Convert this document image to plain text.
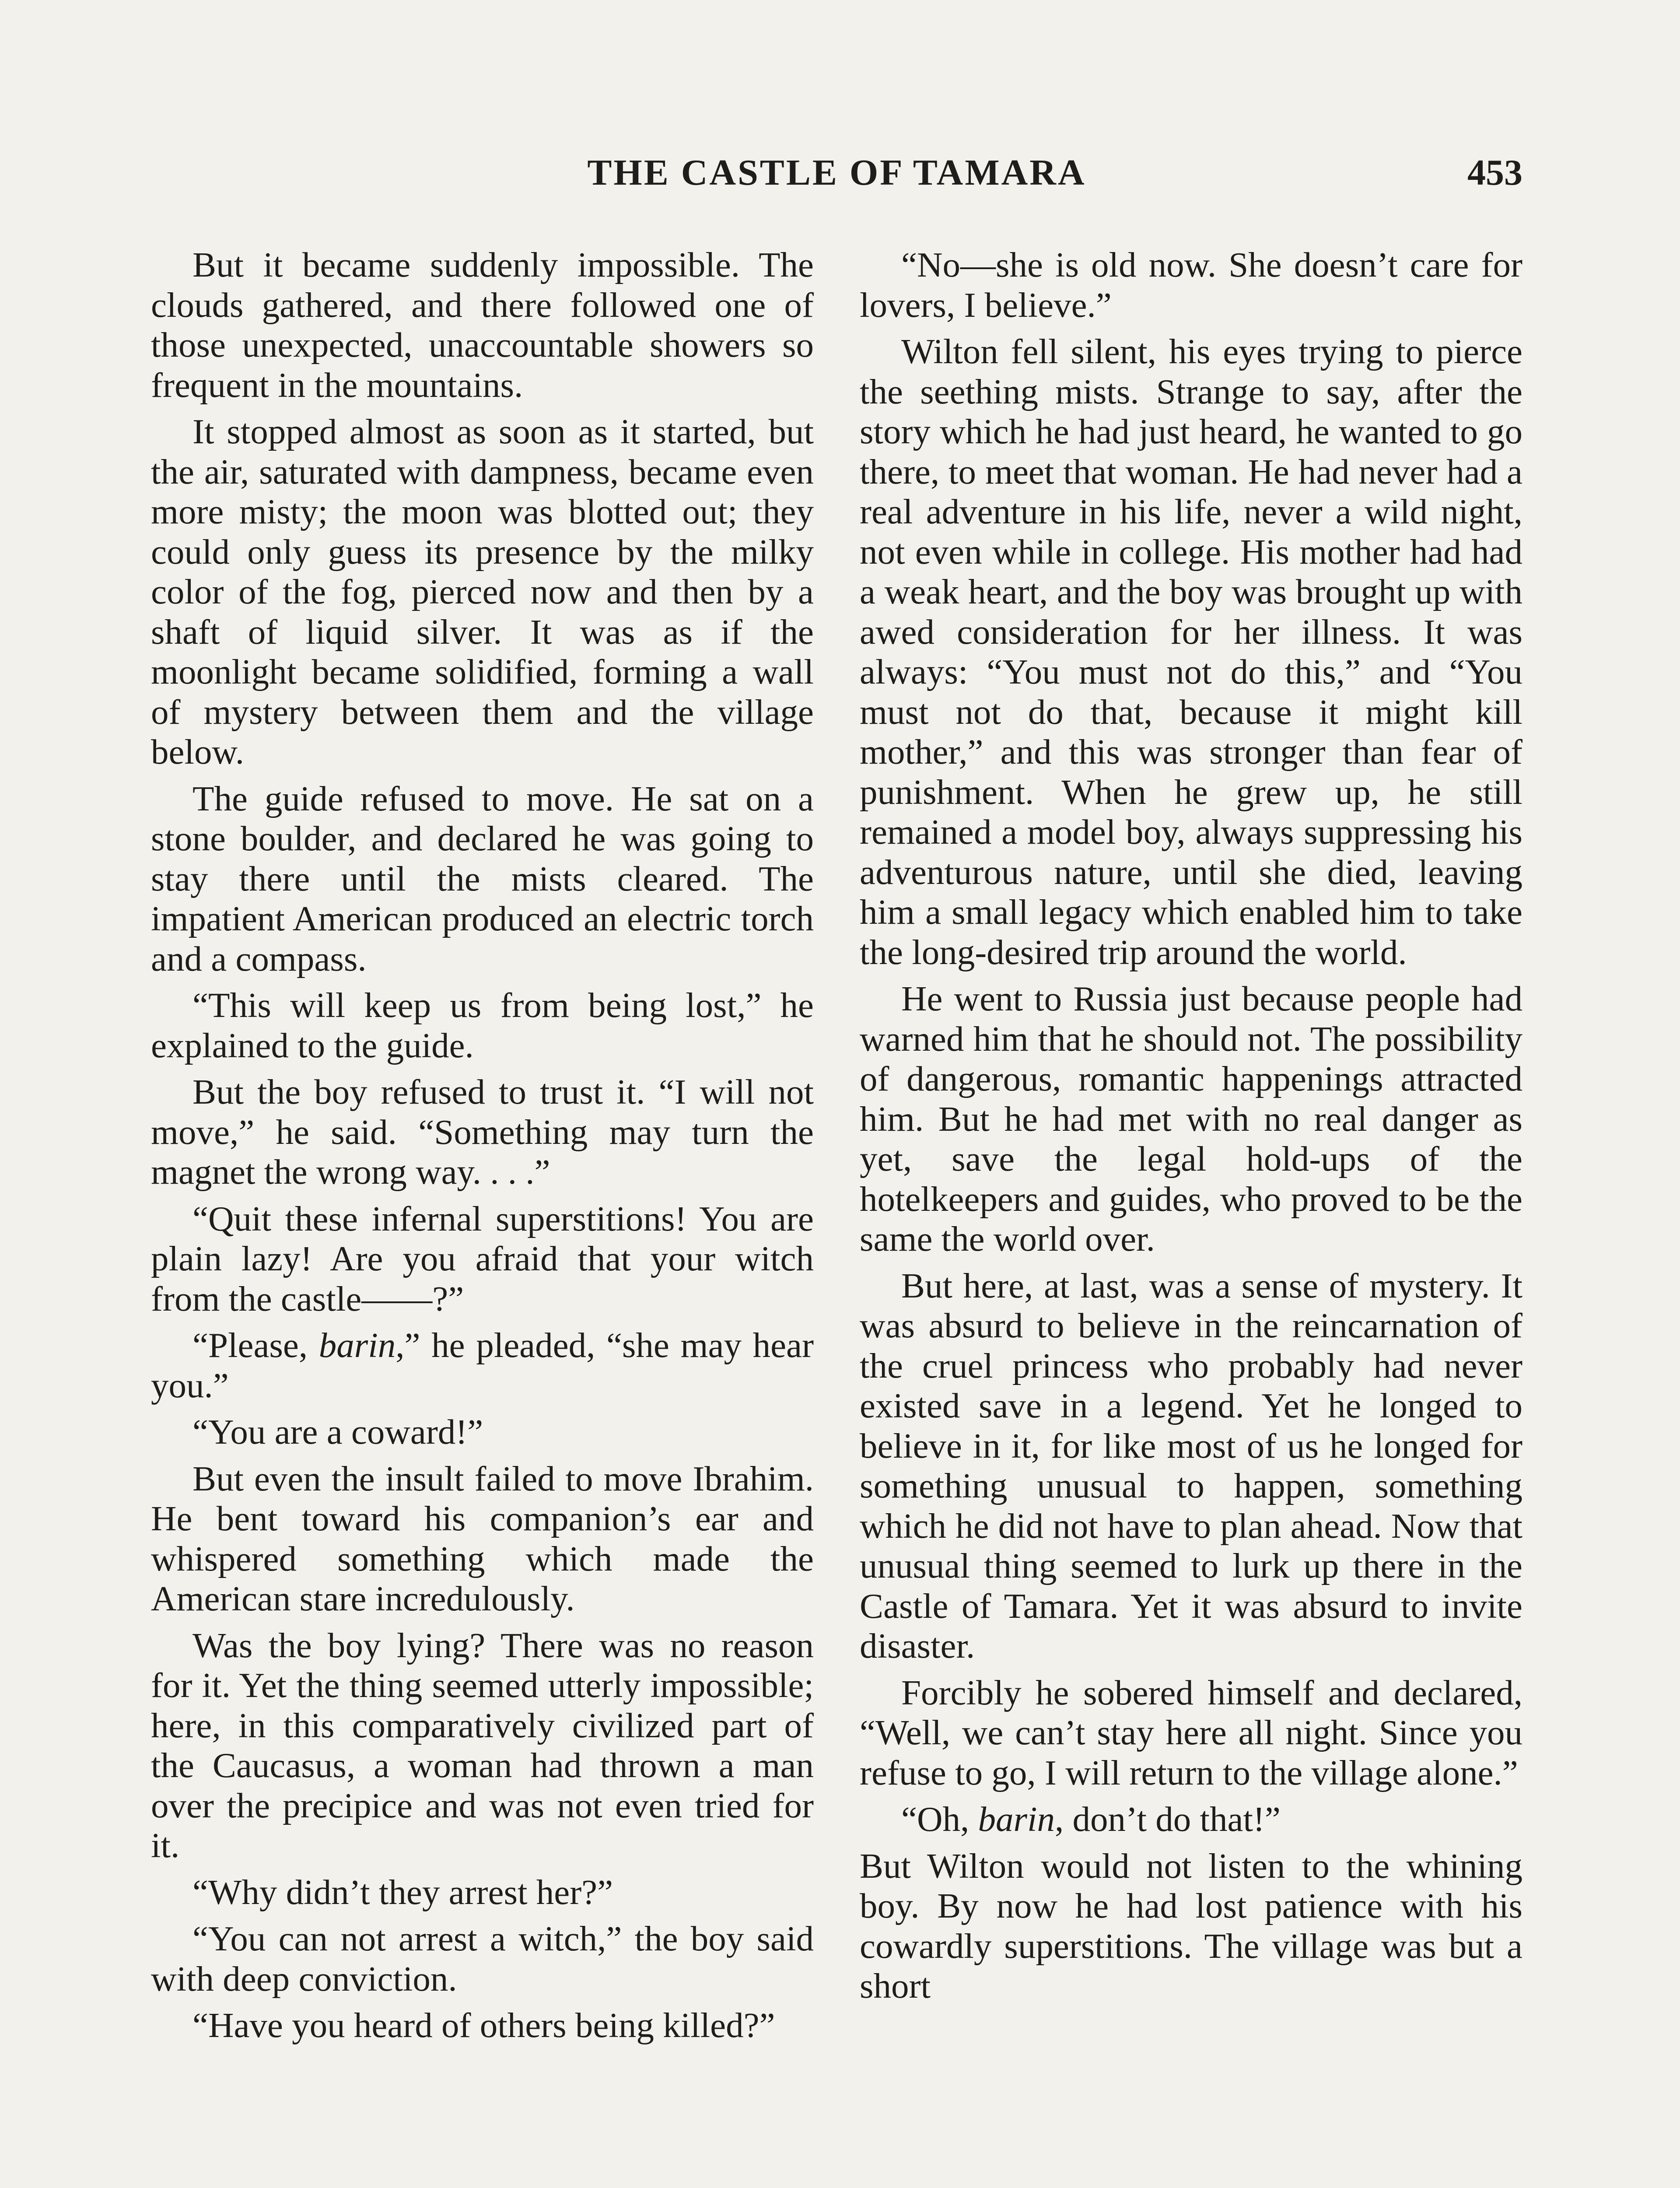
THE CASTLE OF TAMARA	453

But it became suddenly impossible. The clouds gathered, and there followed one of those unexpected, unaccountable showers so frequent in the mountains.

It stopped almost as soon as it started, but the air, saturated with dampness, became even more misty; the moon was blotted out; they could only guess its presence by the milky color of the fog, pierced now and then by a shaft of liquid silver. It was as if the moonlight became solidified, forming a wall of mystery between them and the village below.

The guide refused to move. He sat on a stone boulder, and declared he was going to stay there until the mists cleared. The impatient American produced an electric torch and a compass.

“This will keep us from being lost,” he explained to the guide.

But the boy refused to trust it. “I will not move,” he said. “Something may turn the magnet the wrong way. . . .”

“Quit these infernal superstitions! You are plain lazy! Are you afraid that your witch from the castle——?”

“Please, barin,” he pleaded, “she may hear you.”

“You are a coward!”

But even the insult failed to move Ibrahim. He bent toward his companion’s ear and whispered something which made the American stare incredulously.

Was the boy lying? There was no reason for it. Yet the thing seemed utterly impossible; here, in this comparatively civilized part of the Caucasus, a woman had thrown a man over the precipice and was not even tried for it.

“Why didn’t they arrest her?”

“You can not arrest a witch,” the boy said with deep conviction.

“Have you heard of others being killed?”

“No—she is old now. She doesn’t care for lovers, I believe.”

Wilton fell silent, his eyes trying to pierce the seething mists. Strange to say, after the story which he had just heard, he wanted to go there, to meet that woman. He had never had a real adventure in his life, never a wild night, not even while in college. His mother had had a weak heart, and the boy was brought up with awed consideration for her illness. It was always: “You must not do this,” and “You must not do that, because it might kill mother,” and this was stronger than fear of punishment. When he grew up, he still remained a model boy, always suppressing his adventurous nature, until she died, leaving him a small legacy which enabled him to take the long-desired trip around the world.

He went to Russia just because people had warned him that he should not. The possibility of dangerous, romantic happenings attracted him. But he had met with no real danger as yet, save the legal hold-ups of the hotelkeepers and guides, who proved to be the same the world over.

But here, at last, was a sense of mystery. It was absurd to believe in the reincarnation of the cruel princess who probably had never existed save in a legend. Yet he longed to believe in it, for like most of us he longed for something unusual to happen, something which he did not have to plan ahead. Now that unusual thing seemed to lurk up there in the Castle of Tamara. Yet it was absurd to invite disaster.

Forcibly he sobered himself and declared, “Well, we can’t stay here all night. Since you refuse to go, I will return to the village alone.”

“Oh, barin, don’t do that!”

But Wilton would not listen to the whining boy. By now he had lost patience with his cowardly superstitions. The village was but a short
